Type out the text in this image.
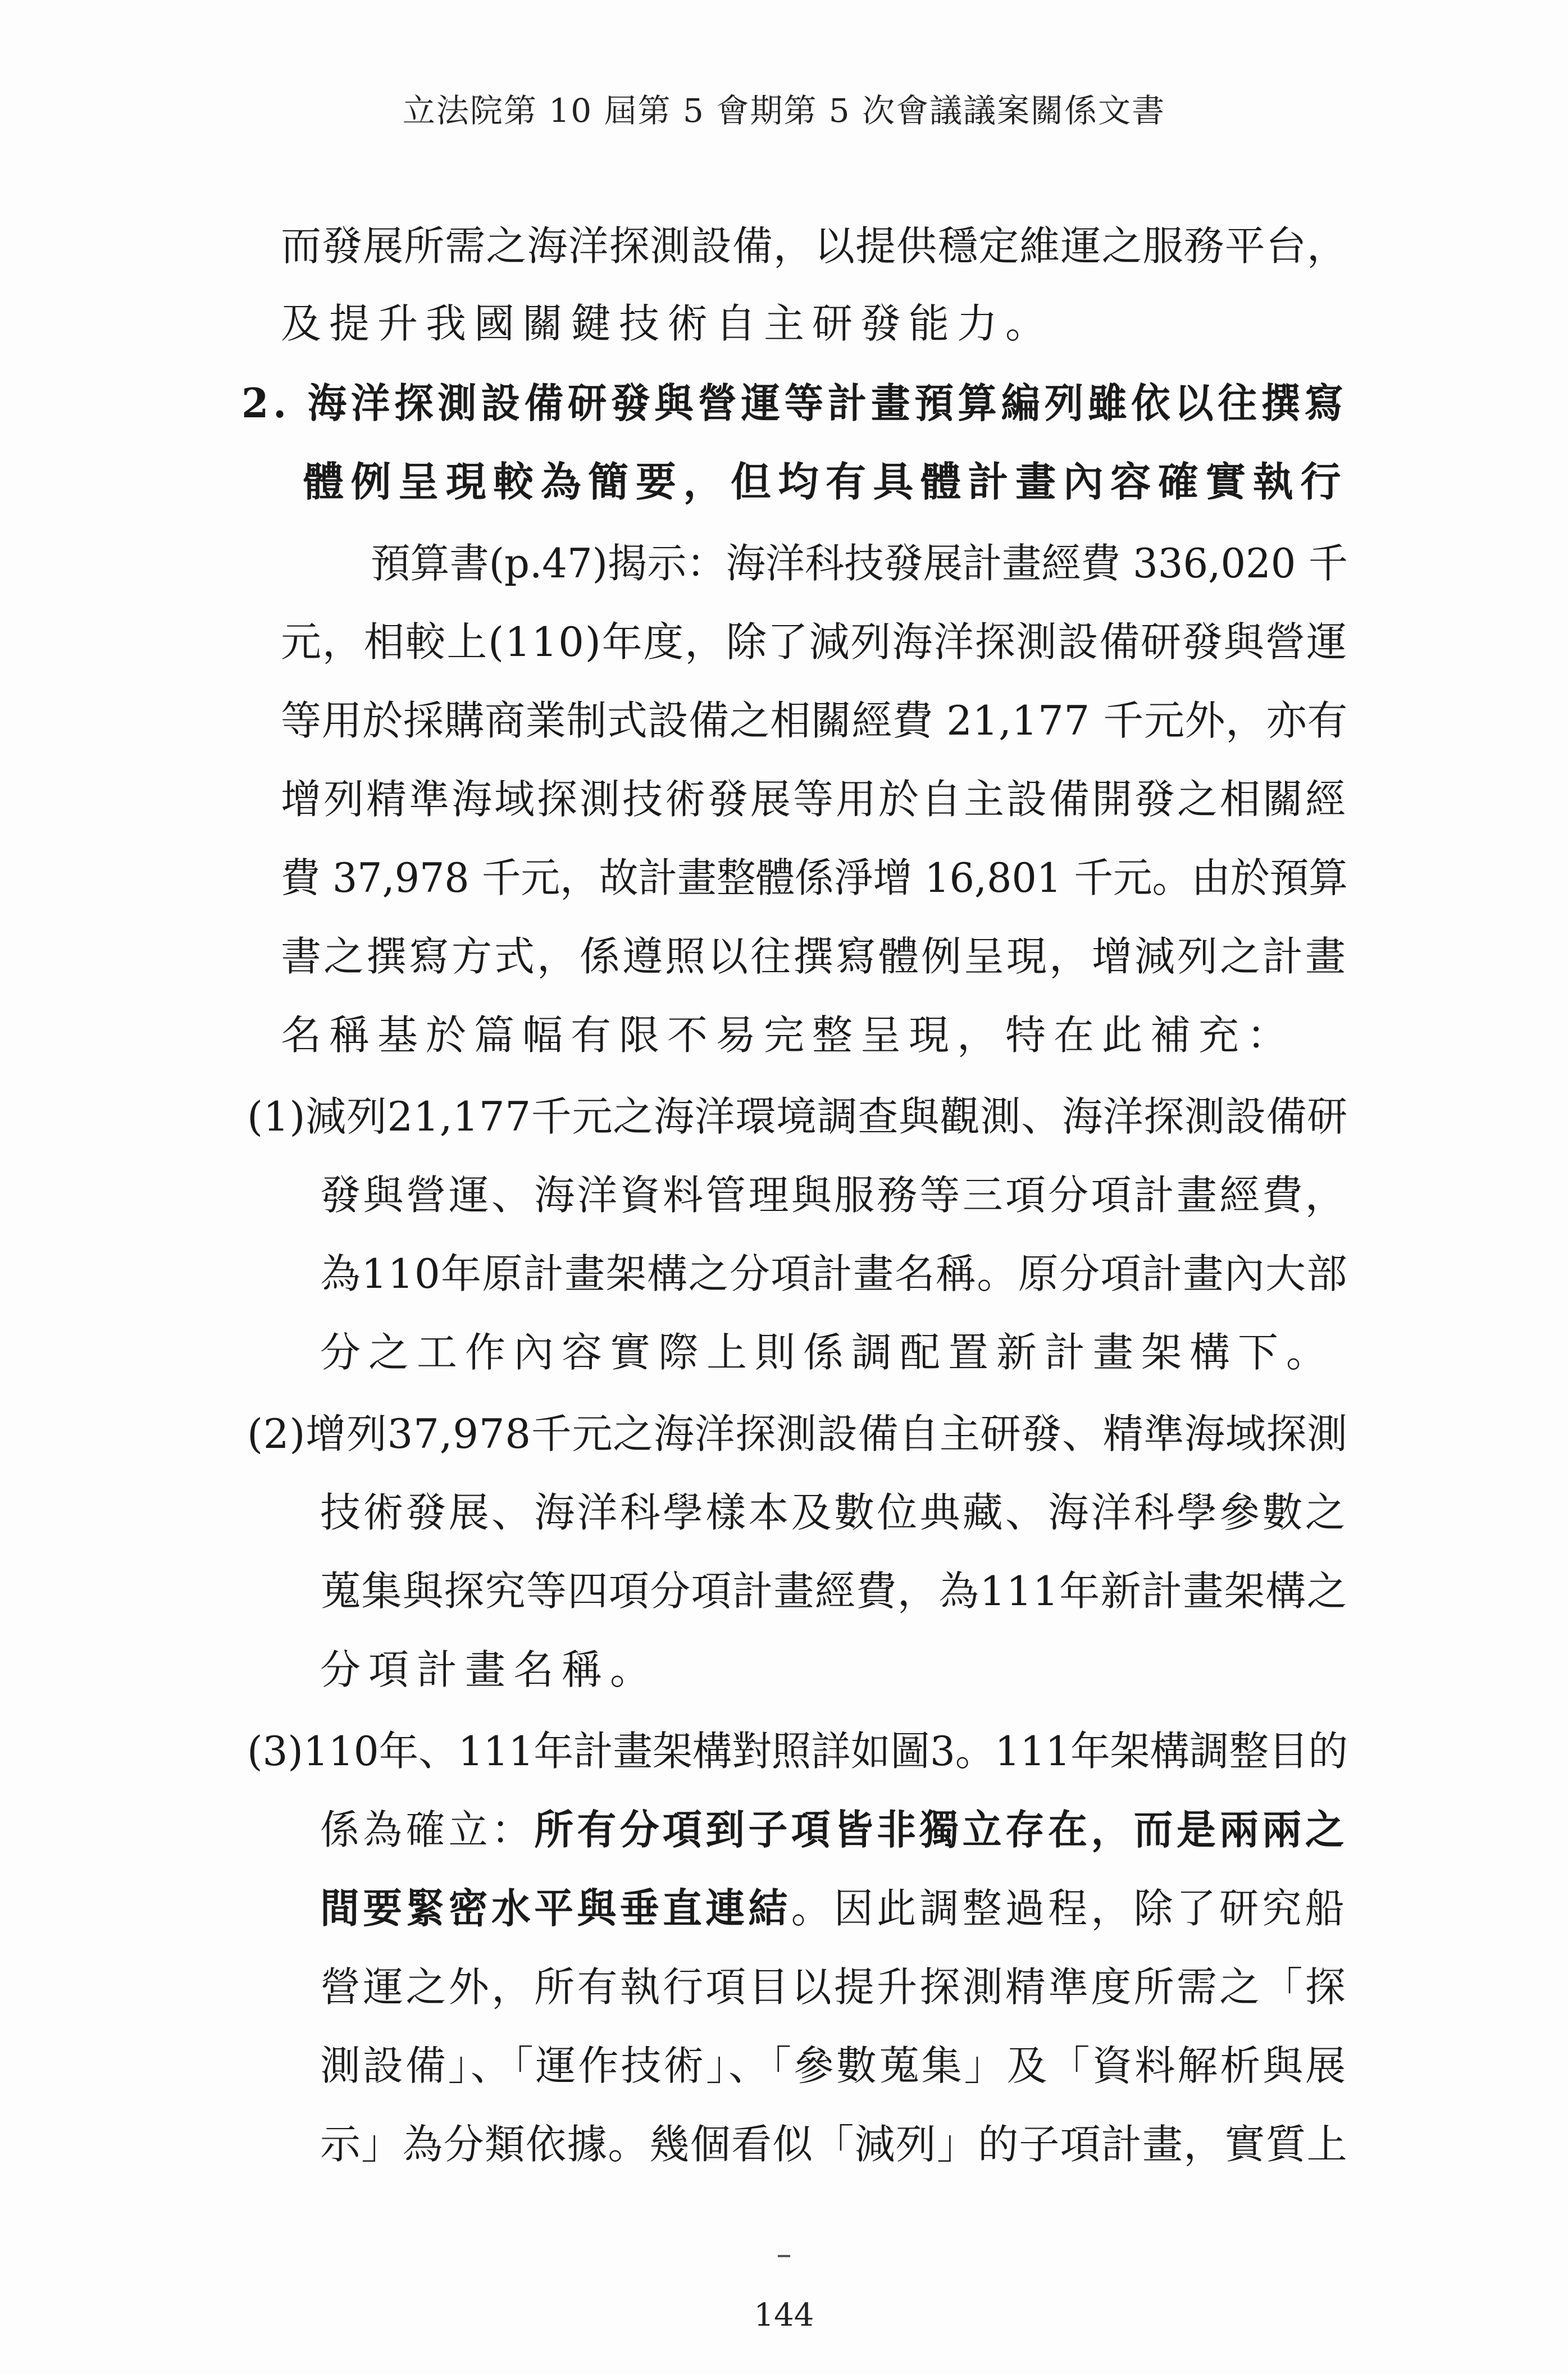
立法院第 10 屆第 5 會期第 5 次會議議案關係文書
而發展所需之海洋探測設備，以提供穩定維運之服務平台，
及提升我國關鍵技術自主研發能力。
2. 海洋探測設備研發與營運等計畫預算編列雖依以往撰寫
體例呈現較為簡要，但均有具體計畫內容確實執行
預算書(p.47)揭示：海洋科技發展計畫經費 336,020 千
元，相較上(110)年度，除了減列海洋探測設備研發與營運
等用於採購商業制式設備之相關經費 21,177 千元外，亦有
增列精準海域探測技術發展等用於自主設備開發之相關經
費 37,978 千元，故計畫整體係淨增 16,801 千元。由於預算
書之撰寫方式，係遵照以往撰寫體例呈現，增減列之計畫
名稱基於篇幅有限不易完整呈現，特在此補充：
(1)減列21,177千元之海洋環境調查與觀測、海洋探測設備研
發與營運、海洋資料管理與服務等三項分項計畫經費，
為110年原計畫架構之分項計畫名稱。原分項計畫內大部
分之工作內容實際上則係調配置新計畫架構下。
(2)增列37,978千元之海洋探測設備自主研發、精準海域探測
技術發展、海洋科學樣本及數位典藏、海洋科學參數之
蒐集與探究等四項分項計畫經費，為111年新計畫架構之
分項計畫名稱。
(3)110年、111年計畫架構對照詳如圖3。111年架構調整目的
係為確立：所有分項到子項皆非獨立存在，而是兩兩之
間要緊密水平與垂直連結。因此調整過程，除了研究船
營運之外，所有執行項目以提升探測精準度所需之「探
測設備」、「運作技術」、「參數蒐集」及「資料解析與展
示」為分類依據。幾個看似「減列」的子項計畫，實質上
144
